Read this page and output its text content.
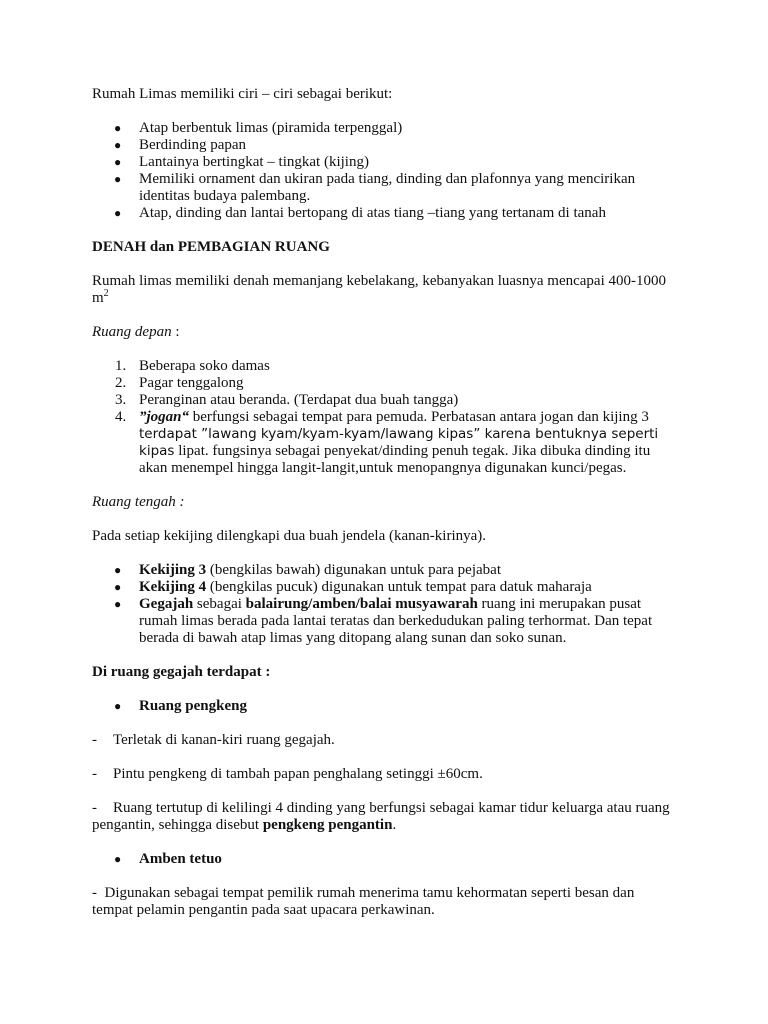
Rumah Limas memiliki ciri – ciri sebagai berikut:

● Atap berbentuk limas (piramida terpenggal)
● Berdinding papan
● Lantainya bertingkat – tingkat (kijing)
● Memiliki ornament dan ukiran pada tiang, dinding dan plafonnya yang mencirikan identitas budaya palembang.
● Atap, dinding dan lantai bertopang di atas tiang –tiang yang tertanam di tanah

DENAH dan PEMBAGIAN RUANG

Rumah limas memiliki denah memanjang kebelakang, kebanyakan luasnya mencapai 400-1000 $m^2$

Ruang depan :

1. Beberapa soko damas
2. Pagar tenggalong
3. Peranginan atau beranda. (Terdapat dua buah tangga)
4. ”jogan“ berfungsi sebagai tempat para pemuda. Perbatasan antara jogan dan kijing 3 terdapat ”lawang kyam/kyam-kyam/lawang kipas” karena bentuknya seperti kipas lipat. fungsinya sebagai penyekat/dinding penuh tegak. Jika dibuka dinding itu akan menempel hingga langit-langit,untuk menopangnya digunakan kunci/pegas.

Ruang tengah :

Pada setiap kekijing dilengkapi dua buah jendela (kanan-kirinya).

● Kekijing 3 (bengkilas bawah) digunakan untuk para pejabat
● Kekijing 4 (bengkilas pucuk) digunakan untuk tempat para datuk maharaja
● Gegajah sebagai balairung/amben/balai musyawarah ruang ini merupakan pusat rumah limas berada pada lantai teratas dan berkedudukan paling terhormat. Dan tepat berada di bawah atap limas yang ditopang alang sunan dan soko sunan.

Di ruang gegajah terdapat :

● Ruang pengkeng

- Terletak di kanan-kiri ruang gegajah.

- Pintu pengkeng di tambah papan penghalang setinggi ±60cm.

- Ruang tertutup di kelilingi 4 dinding yang berfungsi sebagai kamar tidur keluarga atau ruang pengantin, sehingga disebut pengkeng pengantin.

● Amben tetuo

- Digunakan sebagai tempat pemilik rumah menerima tamu kehormatan seperti besan dan tempat pelamin pengantin pada saat upacara perkawinan.
